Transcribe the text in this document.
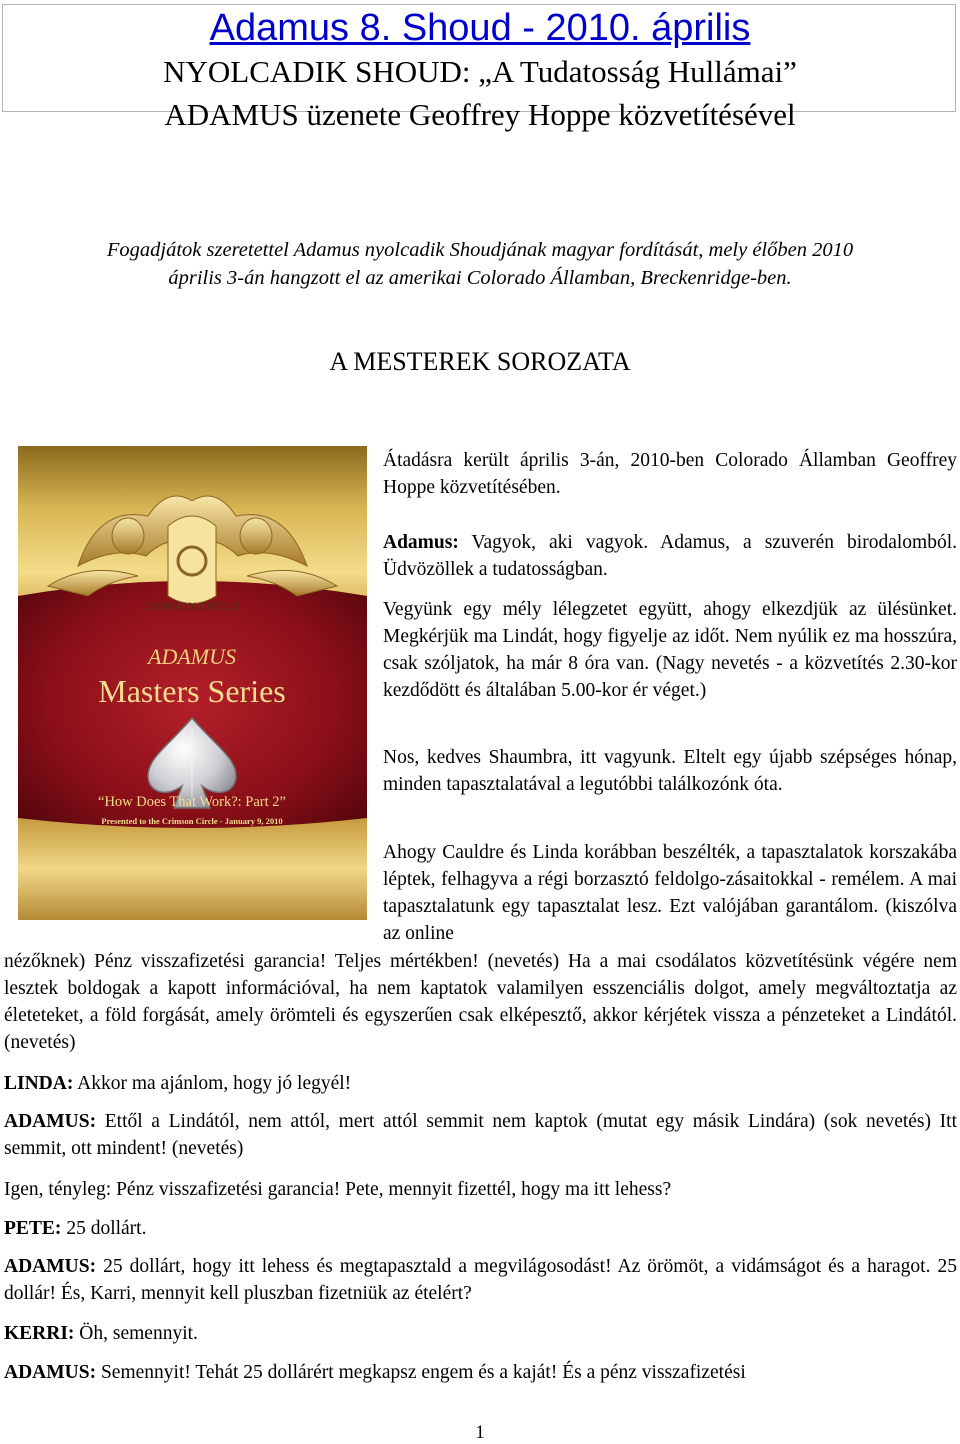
Adamus 8. Shoud - 2010. április
NYOLCADIK SHOUD: „A Tudatosság Hullámai”
ADAMUS üzenete Geoffrey Hoppe közvetítésével
Fogadjátok szeretettel Adamus nyolcadik Shoudjának magyar fordítását, mely élőben 2010
április 3-án hangzott el az amerikai Colorado Államban, Breckenridge-ben.
A MESTEREK SOROZATA
CRIMSON CIRCLE
ADAMUS
Masters Series
“How Does That Work?: Part 2”
Presented to the Crimson Circle - January 9, 2010
Átadásra került április 3-án, 2010-ben Colorado Államban Geoffrey Hoppe közvetítésében.
Adamus: Vagyok, aki vagyok. Adamus, a szuverén birodalomból. Üdvözöllek a tudatosságban.
Vegyünk egy mély lélegzetet együtt, ahogy elkezdjük az ülésünket. Megkérjük ma Lindát, hogy figyelje az időt. Nem nyúlik ez ma hosszúra, csak szóljatok, ha már 8 óra van. (Nagy nevetés - a közvetítés 2.30-kor kezdődött és általában 5.00-kor ér véget.)
Nos, kedves Shaumbra, itt vagyunk. Eltelt egy újabb szépséges hónap, minden tapasztalatával a legutóbbi találkozónk óta.
Ahogy Cauldre és Linda korábban beszélték, a tapasztalatok korszakába léptek, felhagyva a régi borzasztó feldolgo-zásaitokkal - remélem. A mai tapasztalatunk egy tapasztalat lesz. Ezt valójában garantálom. (kiszólva az online
nézőknek) Pénz visszafizetési garancia! Teljes mértékben! (nevetés) Ha a mai csodálatos közvetítésünk végére nem lesztek boldogak a kapott információval, ha nem kaptatok valamilyen esszenciális dolgot, amely megváltoztatja az életeteket, a föld forgását, amely örömteli és egyszerűen csak elképesztő, akkor kérjétek vissza a pénzeteket a Lindától. (nevetés)
LINDA: Akkor ma ajánlom, hogy jó legyél!
ADAMUS: Ettől a Lindától, nem attól, mert attól semmit nem kaptok (mutat egy másik Lindára) (sok nevetés) Itt semmit, ott mindent! (nevetés)
Igen, tényleg: Pénz visszafizetési garancia! Pete, mennyit fizettél, hogy ma itt lehess?
PETE: 25 dollárt.
ADAMUS: 25 dollárt, hogy itt lehess és megtapasztald a megvilágosodást! Az örömöt, a vidámságot és a haragot. 25 dollár! És, Karri, mennyit kell pluszban fizetniük az ételért?
KERRI: Öh, semennyit.
ADAMUS: Semennyit! Tehát 25 dollárért megkapsz engem és a kaját! És a pénz visszafizetési
1
